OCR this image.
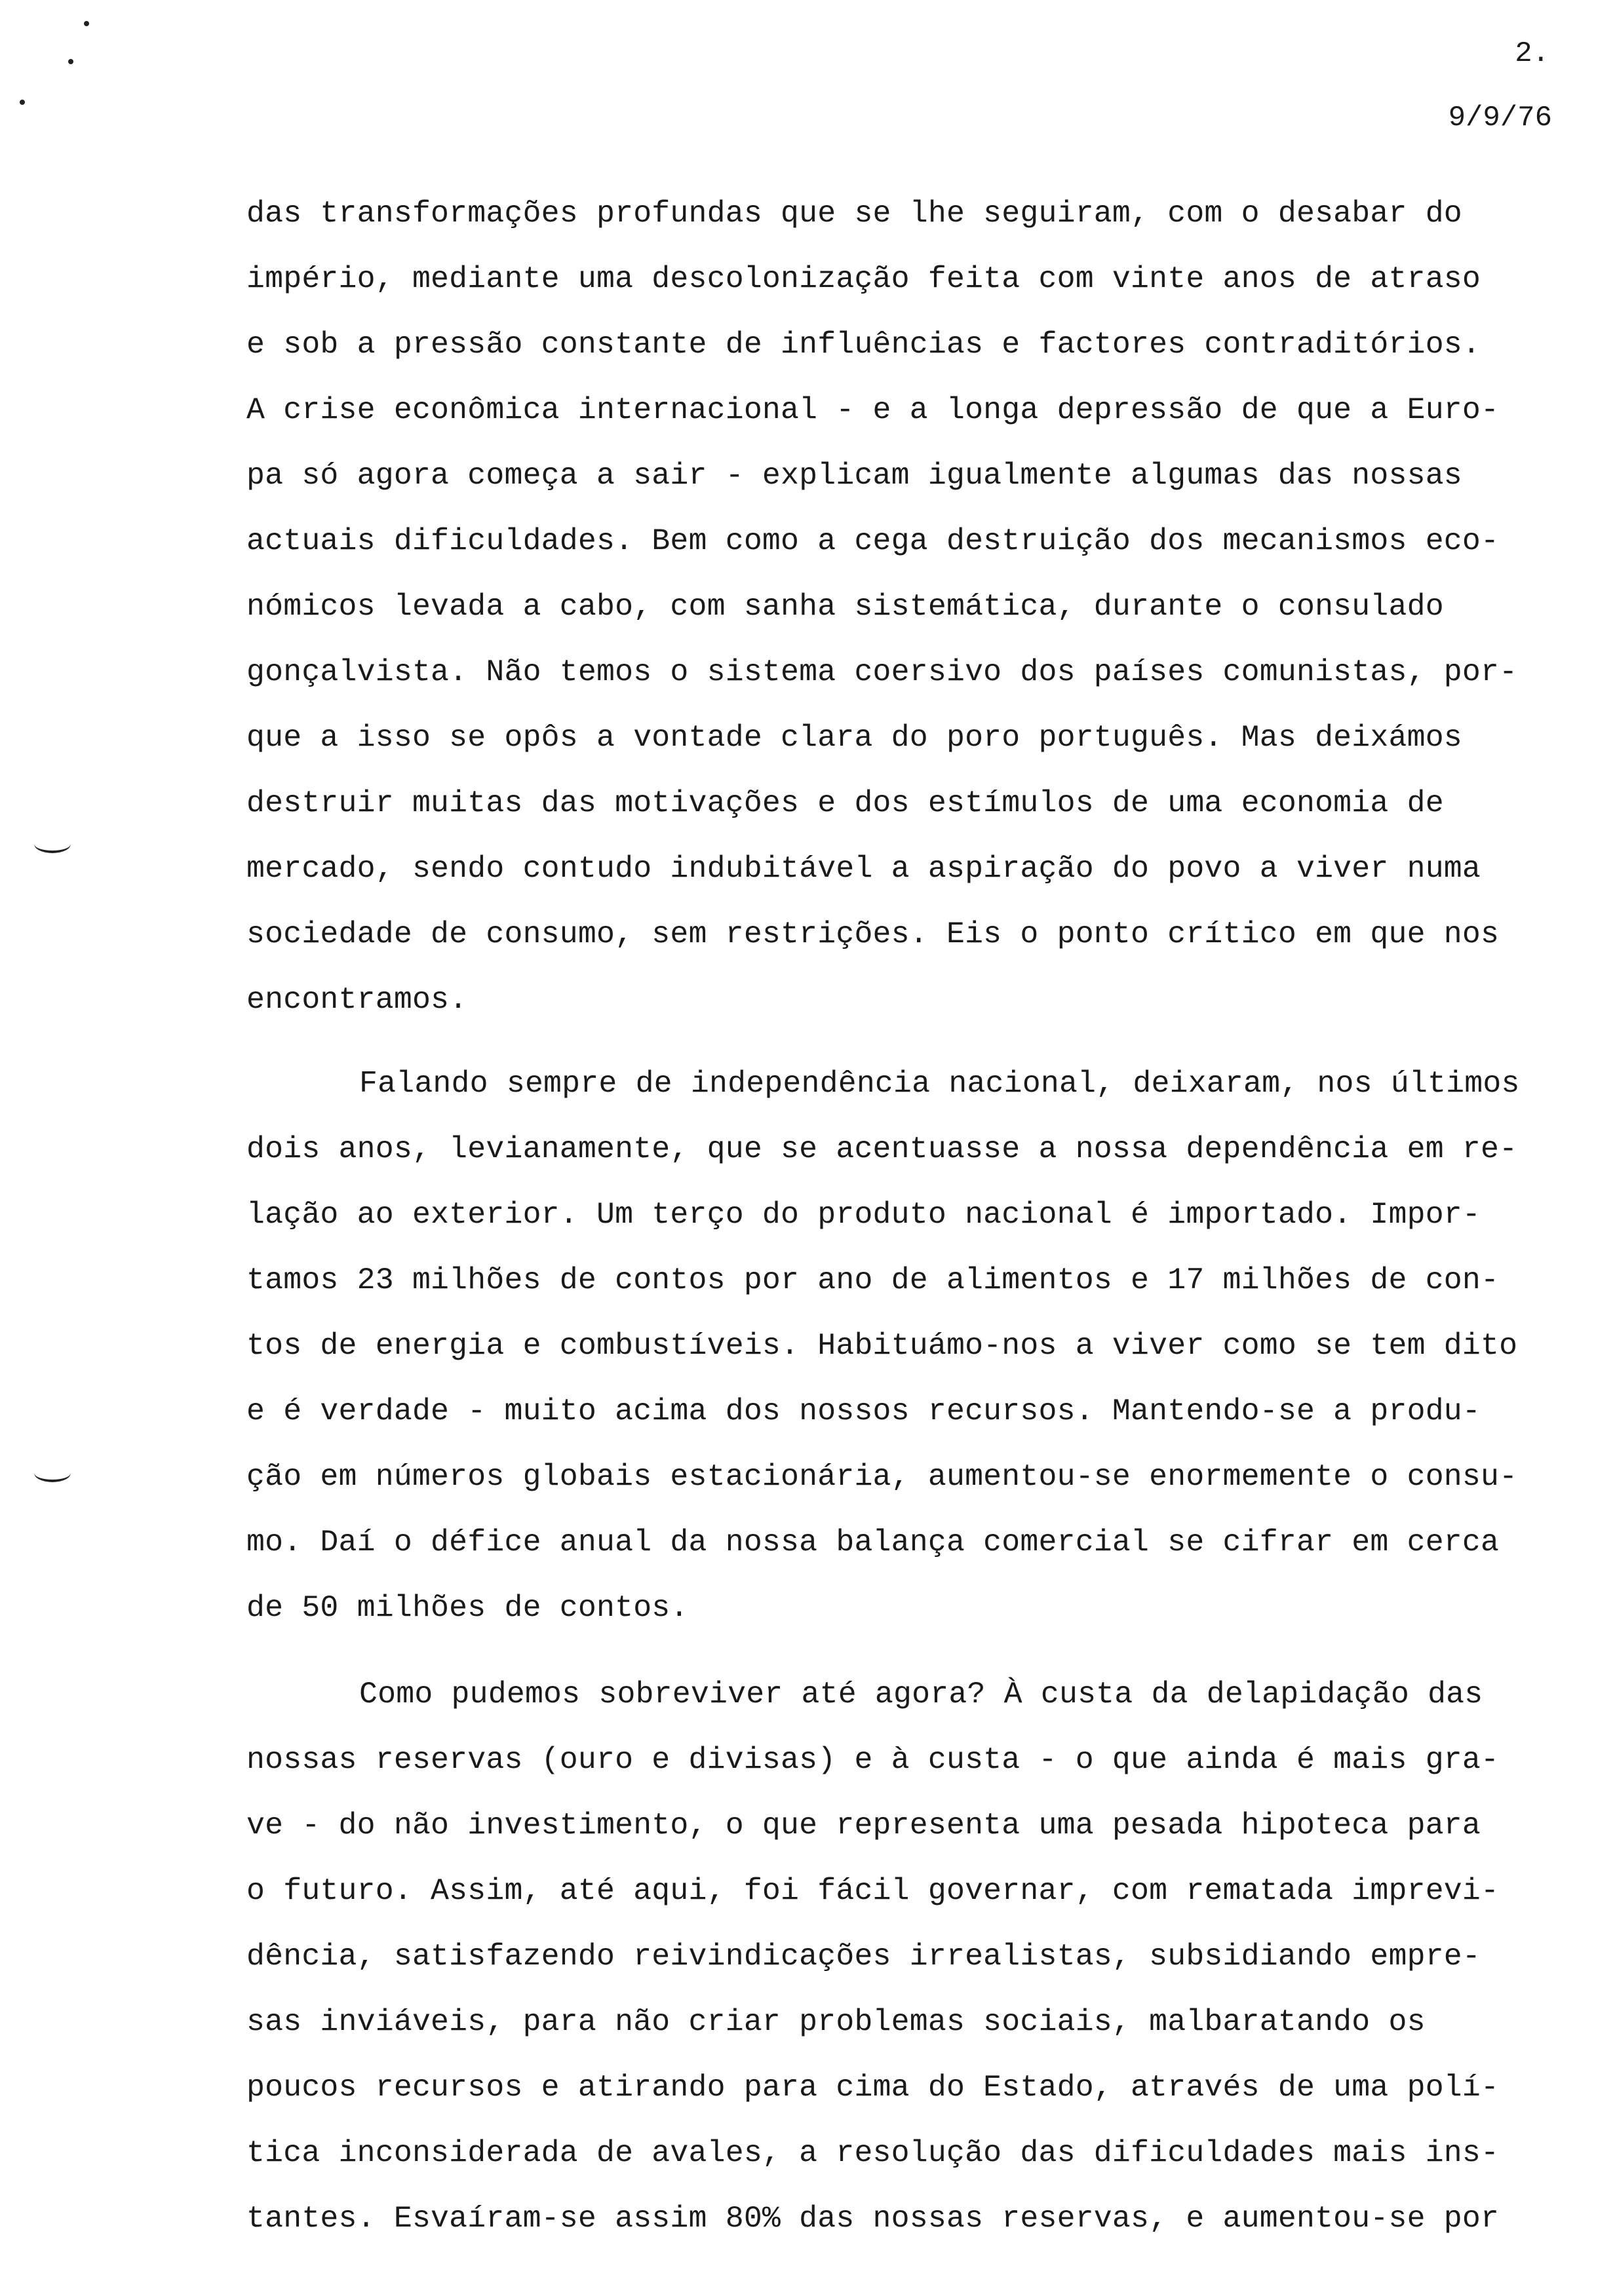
2.
9/9/76
das transformações profundas que se lhe seguiram, com o desabar do
império, mediante uma descolonização feita com vinte anos de atraso
e sob a pressão constante de influências e factores contraditórios.
A crise econômica internacional - e a longa depressão de que a Euro-
pa só agora começa a sair - explicam igualmente algumas das nossas
actuais dificuldades. Bem como a cega destruição dos mecanismos eco-
nómicos levada a cabo, com sanha sistemática, durante o consulado
gonçalvista. Não temos o sistema coersivo dos países comunistas, por-
que a isso se opôs a vontade clara do poro português. Mas deixámos
destruir muitas das motivações e dos estímulos de uma economia de
mercado, sendo contudo indubitável a aspiração do povo a viver numa
sociedade de consumo, sem restrições. Eis o ponto crítico em que nos
encontramos.
Falando sempre de independência nacional, deixaram, nos últimos
dois anos, levianamente, que se acentuasse a nossa dependência em re-
lação ao exterior. Um terço do produto nacional é importado. Impor-
tamos 23 milhões de contos por ano de alimentos e 17 milhões de con-
tos de energia e combustíveis. Habituámo-nos a viver como se tem dito
e é verdade - muito acima dos nossos recursos. Mantendo-se a produ-
ção em números globais estacionária, aumentou-se enormemente o consu-
mo. Daí o défice anual da nossa balança comercial se cifrar em cerca
de 50 milhões de contos.
Como pudemos sobreviver até agora? À custa da delapidação das
nossas reservas (ouro e divisas) e à custa - o que ainda é mais gra-
ve - do não investimento, o que representa uma pesada hipoteca para
o futuro. Assim, até aqui, foi fácil governar, com rematada imprevi-
dência, satisfazendo reivindicações irrealistas, subsidiando empre-
sas inviáveis, para não criar problemas sociais, malbaratando os
poucos recursos e atirando para cima do Estado, através de uma polí-
tica inconsiderada de avales, a resolução das dificuldades mais ins-
tantes. Esvaíram-se assim 80% das nossas reservas, e aumentou-se por
